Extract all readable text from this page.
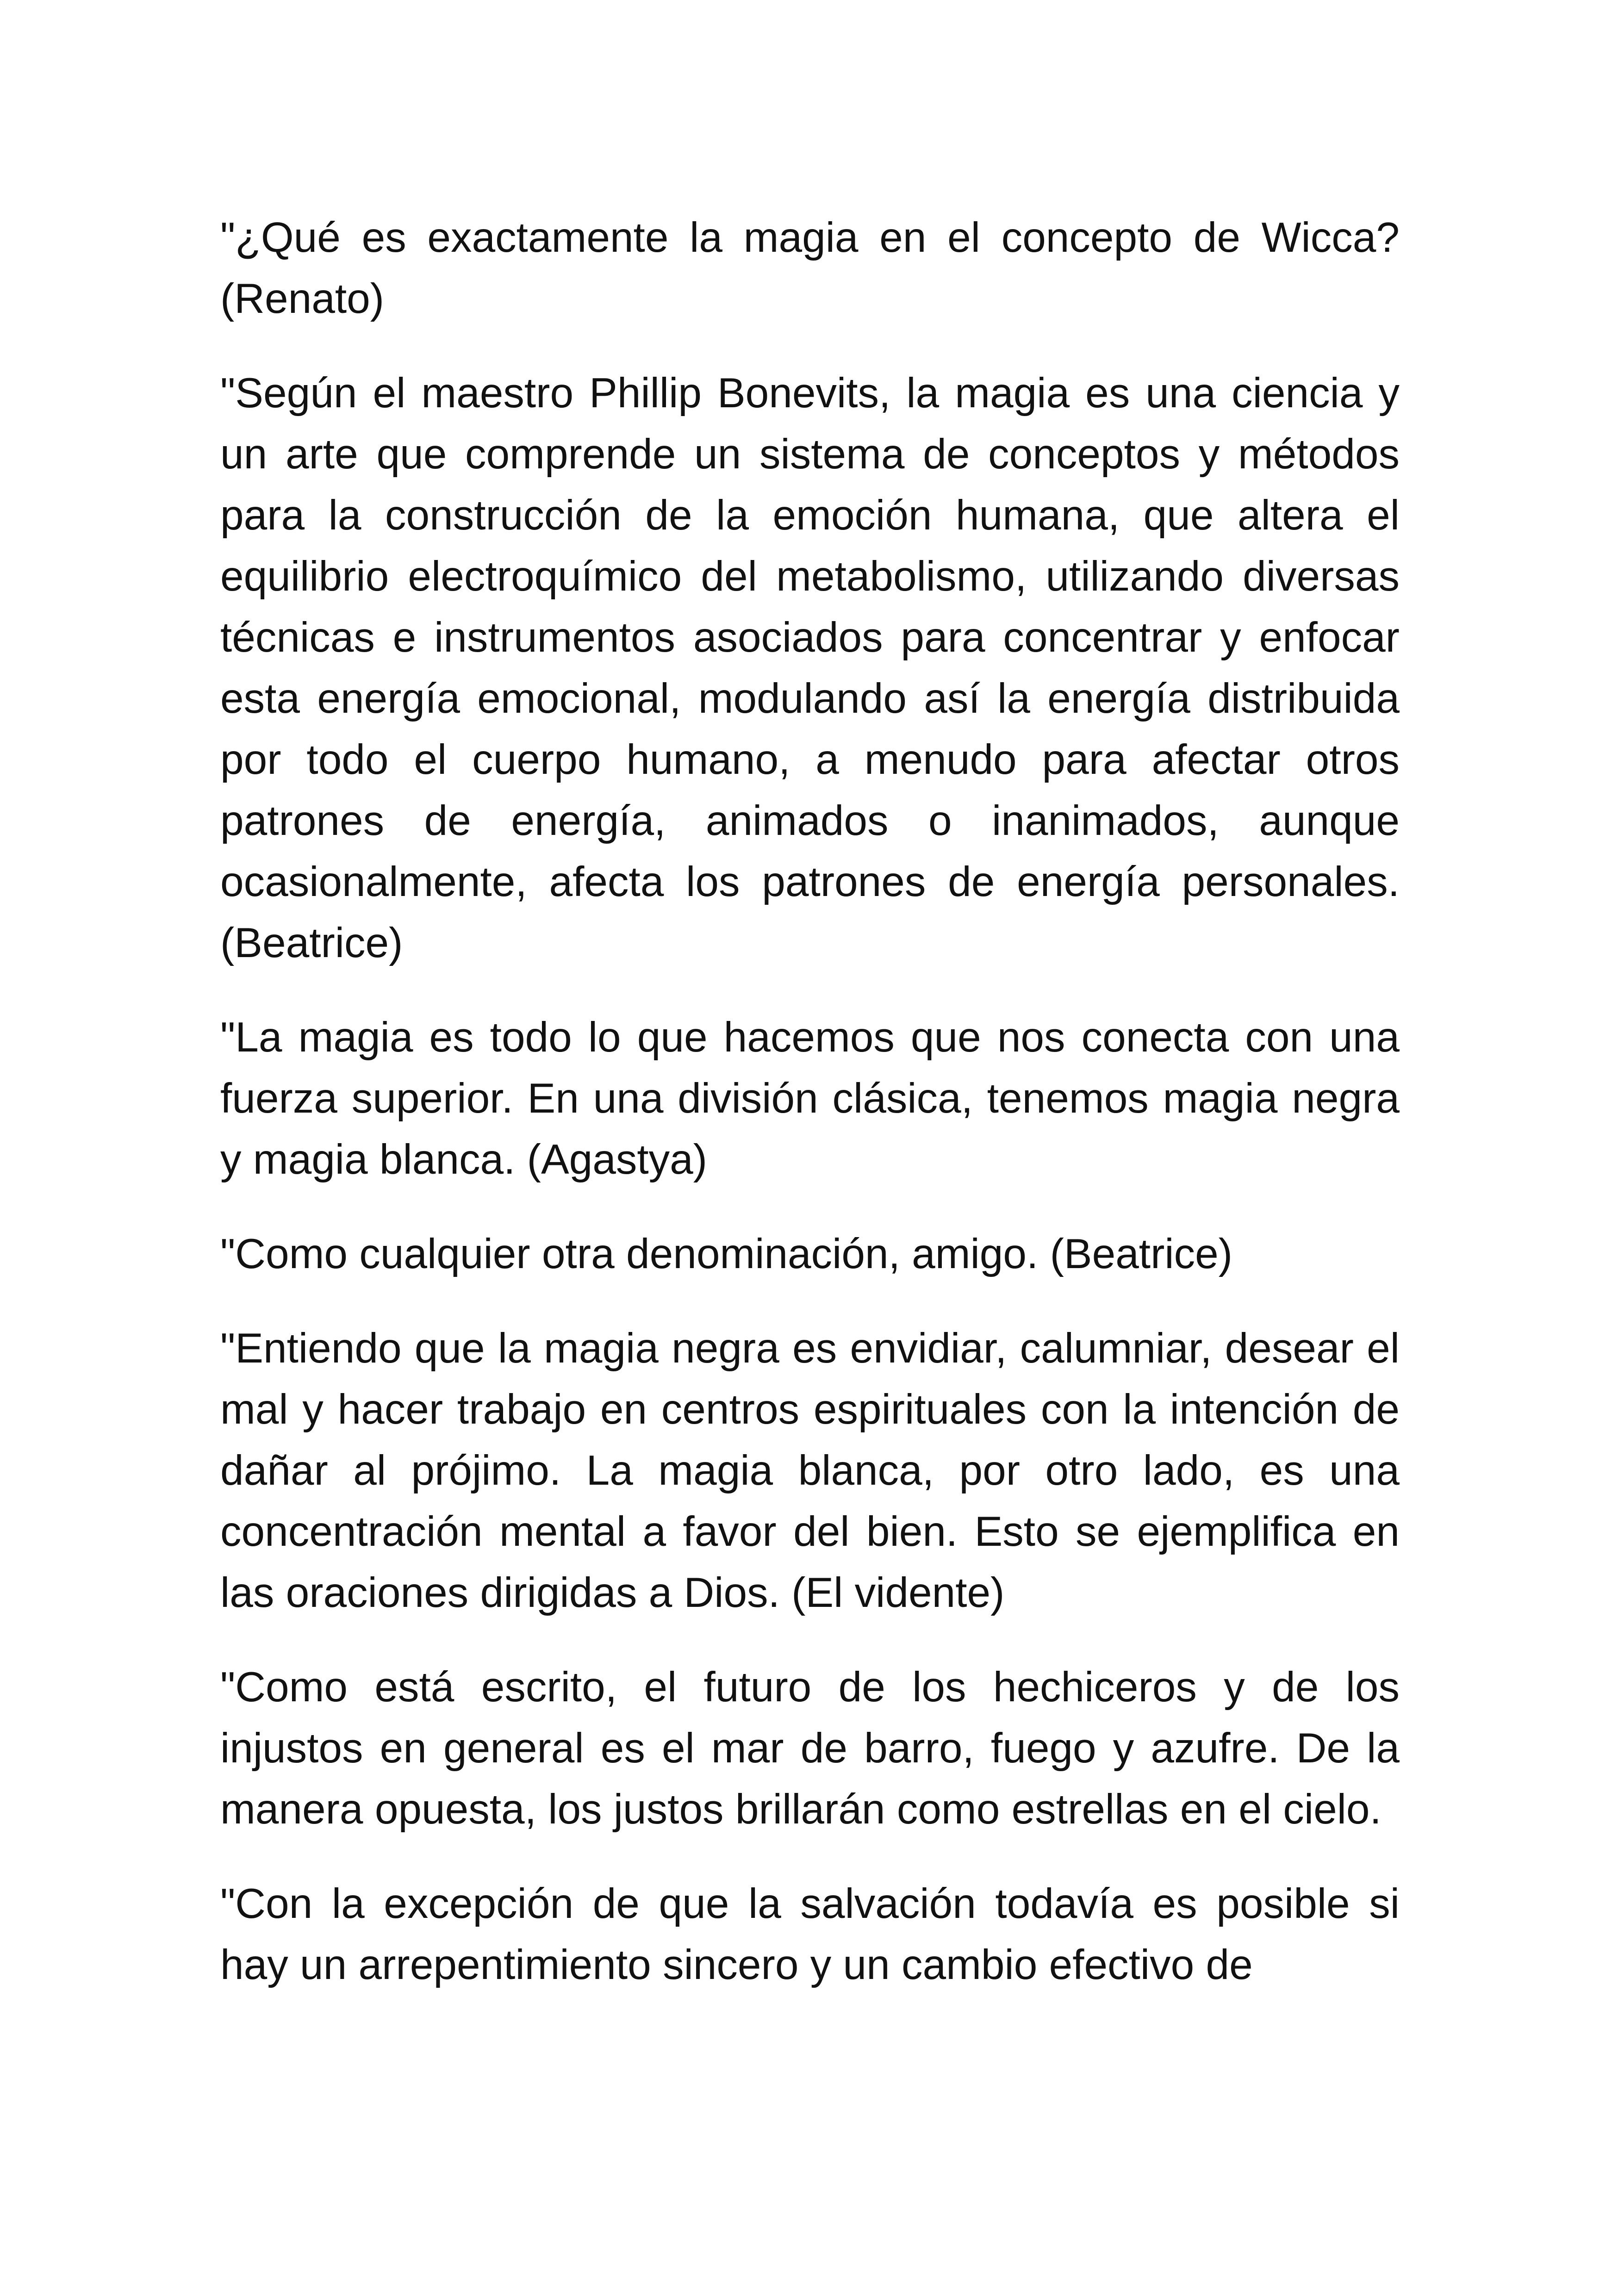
"¿Qué es exactamente la magia en el concepto de Wicca? (Renato)

"Según el maestro Phillip Bonevits, la magia es una ciencia y un arte que comprende un sistema de conceptos y métodos para la construcción de la emoción humana, que altera el equilibrio electroquímico del metabolismo, utilizando diversas técnicas e instrumentos asociados para concentrar y enfocar esta energía emocional, modulando así la energía distribuida por todo el cuerpo humano, a menudo para afectar otros patrones de energía, animados o inanimados, aunque ocasionalmente, afecta los patrones de energía personales. (Beatrice)

"La magia es todo lo que hacemos que nos conecta con una fuerza superior. En una división clásica, tenemos magia negra y magia blanca. (Agastya)

"Como cualquier otra denominación, amigo. (Beatrice)

"Entiendo que la magia negra es envidiar, calumniar, desear el mal y hacer trabajo en centros espirituales con la intención de dañar al prójimo. La magia blanca, por otro lado, es una concentración mental a favor del bien. Esto se ejemplifica en las oraciones dirigidas a Dios. (El vidente)

"Como está escrito, el futuro de los hechiceros y de los injustos en general es el mar de barro, fuego y azufre. De la manera opuesta, los justos brillarán como estrellas en el cielo.

"Con la excepción de que la salvación todavía es posible si hay un arrepentimiento sincero y un cambio efectivo de
